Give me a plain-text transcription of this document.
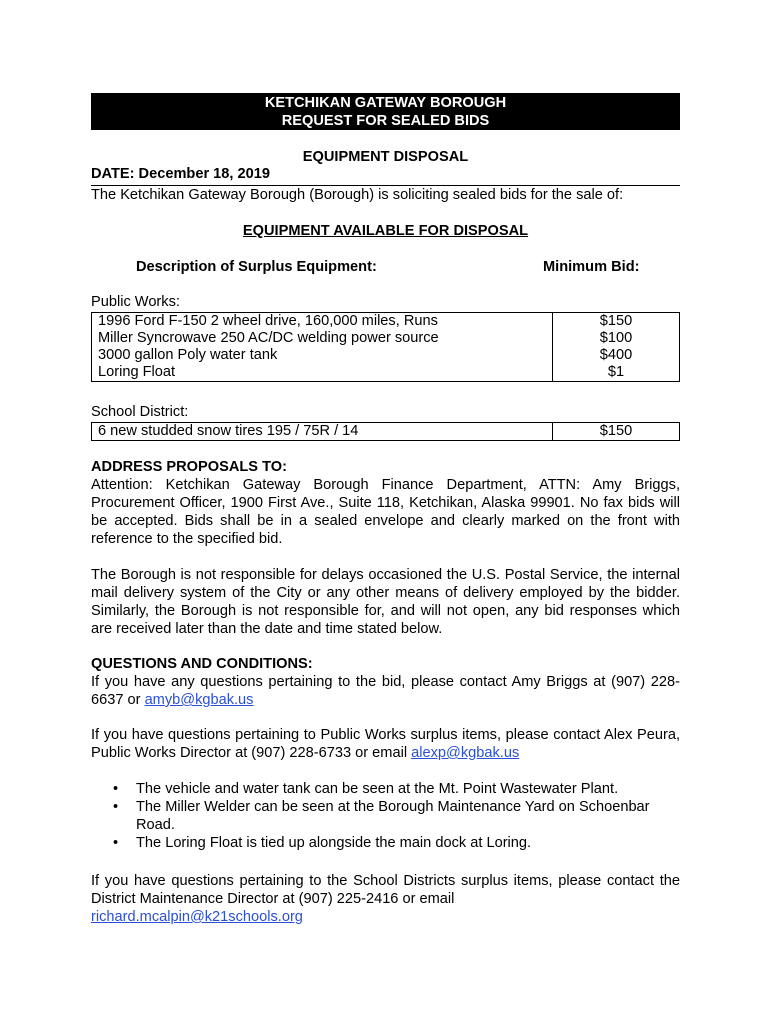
KETCHIKAN GATEWAY BOROUGH
REQUEST FOR SEALED BIDS
EQUIPMENT DISPOSAL
DATE: December 18, 2019
The Ketchikan Gateway Borough (Borough) is soliciting sealed bids for the sale of:
EQUIPMENT AVAILABLE FOR DISPOSAL
Description of Surplus Equipment:	Minimum Bid:
Public Works:
1996 Ford F-150 2 wheel drive, 160,000 miles, Runs	$150
Miller Syncrowave 250 AC/DC welding power source	$100
3000 gallon Poly water tank	$400
Loring Float	$1
School District:
6 new studded snow tires 195 / 75R / 14	$150
ADDRESS PROPOSALS TO:
Attention: Ketchikan Gateway Borough Finance Department, ATTN: Amy Briggs, Procurement Officer, 1900 First Ave., Suite 118, Ketchikan, Alaska 99901. No fax bids will be accepted. Bids shall be in a sealed envelope and clearly marked on the front with reference to the specified bid.
The Borough is not responsible for delays occasioned the U.S. Postal Service, the internal mail delivery system of the City or any other means of delivery employed by the bidder. Similarly, the Borough is not responsible for, and will not open, any bid responses which are received later than the date and time stated below.
QUESTIONS AND CONDITIONS:
If you have any questions pertaining to the bid, please contact Amy Briggs at (907) 228-6637 or amyb@kgbak.us
If you have questions pertaining to Public Works surplus items, please contact Alex Peura, Public Works Director at (907) 228-6733 or email alexp@kgbak.us
• The vehicle and water tank can be seen at the Mt. Point Wastewater Plant.
• The Miller Welder can be seen at the Borough Maintenance Yard on Schoenbar Road.
• The Loring Float is tied up alongside the main dock at Loring.
If you have questions pertaining to the School Districts surplus items, please contact the District Maintenance Director at (907) 225-2416 or email
richard.mcalpin@k21schools.org
